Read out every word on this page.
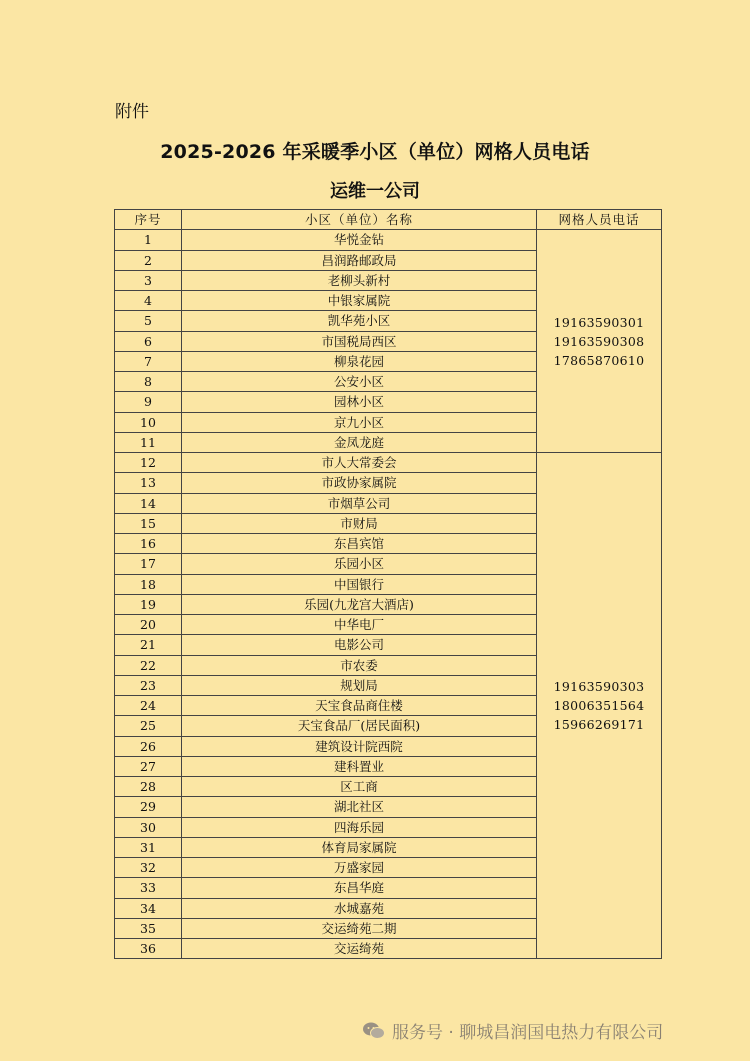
附件
2025-2026 年采暖季小区（单位）网格人员电话
运维一公司
序号	小区（单位）名称	网格人员电话
1	华悦金钻	19163590301
19163590308
17865870610

2	昌润路邮政局	
3	老柳头新村	
4	中银家属院	
5	凯华苑小区	
6	市国税局西区	
7	柳泉花园	
8	公安小区	
9	园林小区	
10	京九小区	
11	金凤龙庭	
12	市人大常委会	19163590303
18006351564
15966269171

13	市政协家属院	
14	市烟草公司	
15	市财局	
16	东昌宾馆	
17	乐园小区	
18	中国银行	
19	乐园(九龙宫大酒店)	
20	中华电厂	
21	电影公司	
22	市农委	
23	规划局	
24	天宝食品商住楼	
25	天宝食品厂(居民面积)	
26	建筑设计院西院	
27	建科置业	
28	区工商	
29	湖北社区	
30	四海乐园	
31	体育局家属院	
32	万盛家园	
33	东昌华庭	
34	水城嘉苑	
35	交运绮苑二期	
36	交运绮苑	
服务号 · 聊城昌润国电热力有限公司
